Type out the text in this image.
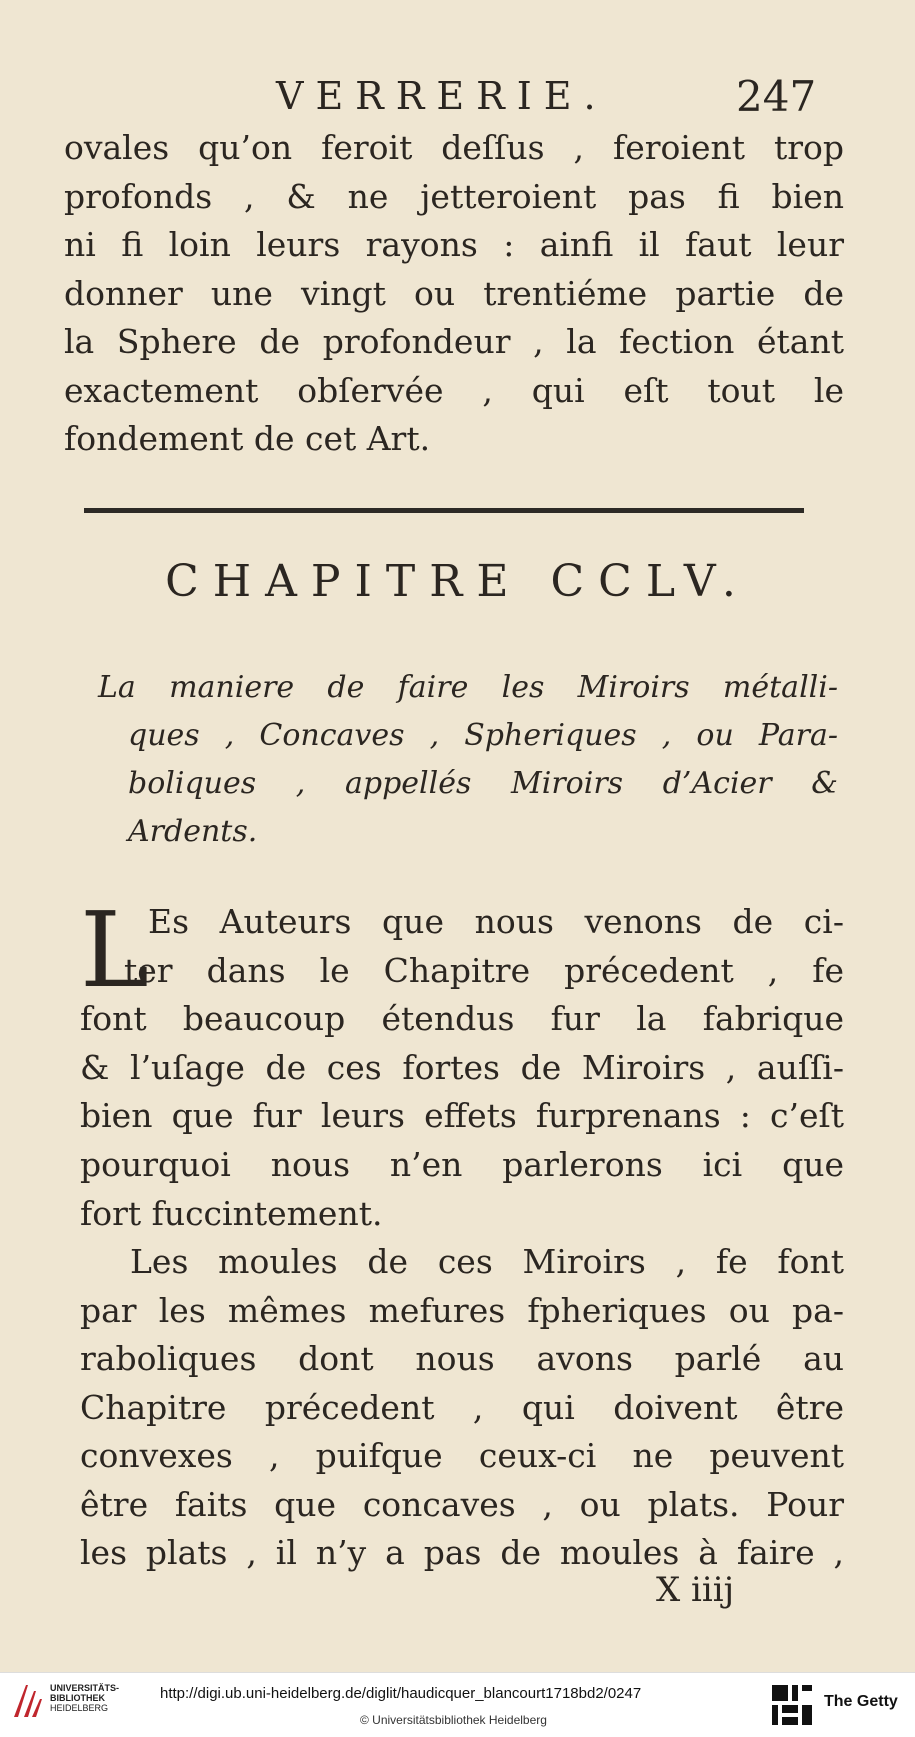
VERRERIE.	247
ovales qu’on feroit deſſus , feroient trop
profonds , & ne jetteroient pas fi bien
ni fi loin leurs rayons : ainfi il faut leur
donner une vingt ou trentiéme partie de
la Sphere de profondeur , la fection étant
exactement obſervée , qui eſt tout le
fondement de cet Art.
CHAPITRE CCLV.
La maniere de faire les Miroirs métalli-
ques , Concaves , Spheriques , ou Para-
boliques , appellés Miroirs d’Acier &
Ardents.
L
Es Auteurs que nous venons de ci-
ter dans le Chapitre précedent , fe
font beaucoup étendus fur la fabrique
& l’uſage de ces fortes de Miroirs , auſſi-
bien que fur leurs effets furprenans : c’eſt
pourquoi nous n’en parlerons ici que
fort fuccintement.
Les moules de ces Miroirs , fe font
par les mêmes mefures fpheriques ou pa-
raboliques dont nous avons parlé au
Chapitre précedent , qui doivent être
convexes , puifque ceux-ci ne peuvent
être faits que concaves , ou plats. Pour
les plats , il n’y a pas de moules à faire ,
X iiij
UNIVERSITÄTS-
BIBLIOTHEK
HEIDELBERG
http://digi.ub.uni-heidelberg.de/diglit/haudicquer_blancourt1718bd2/0247
© Universitätsbibliothek Heidelberg
The Getty
